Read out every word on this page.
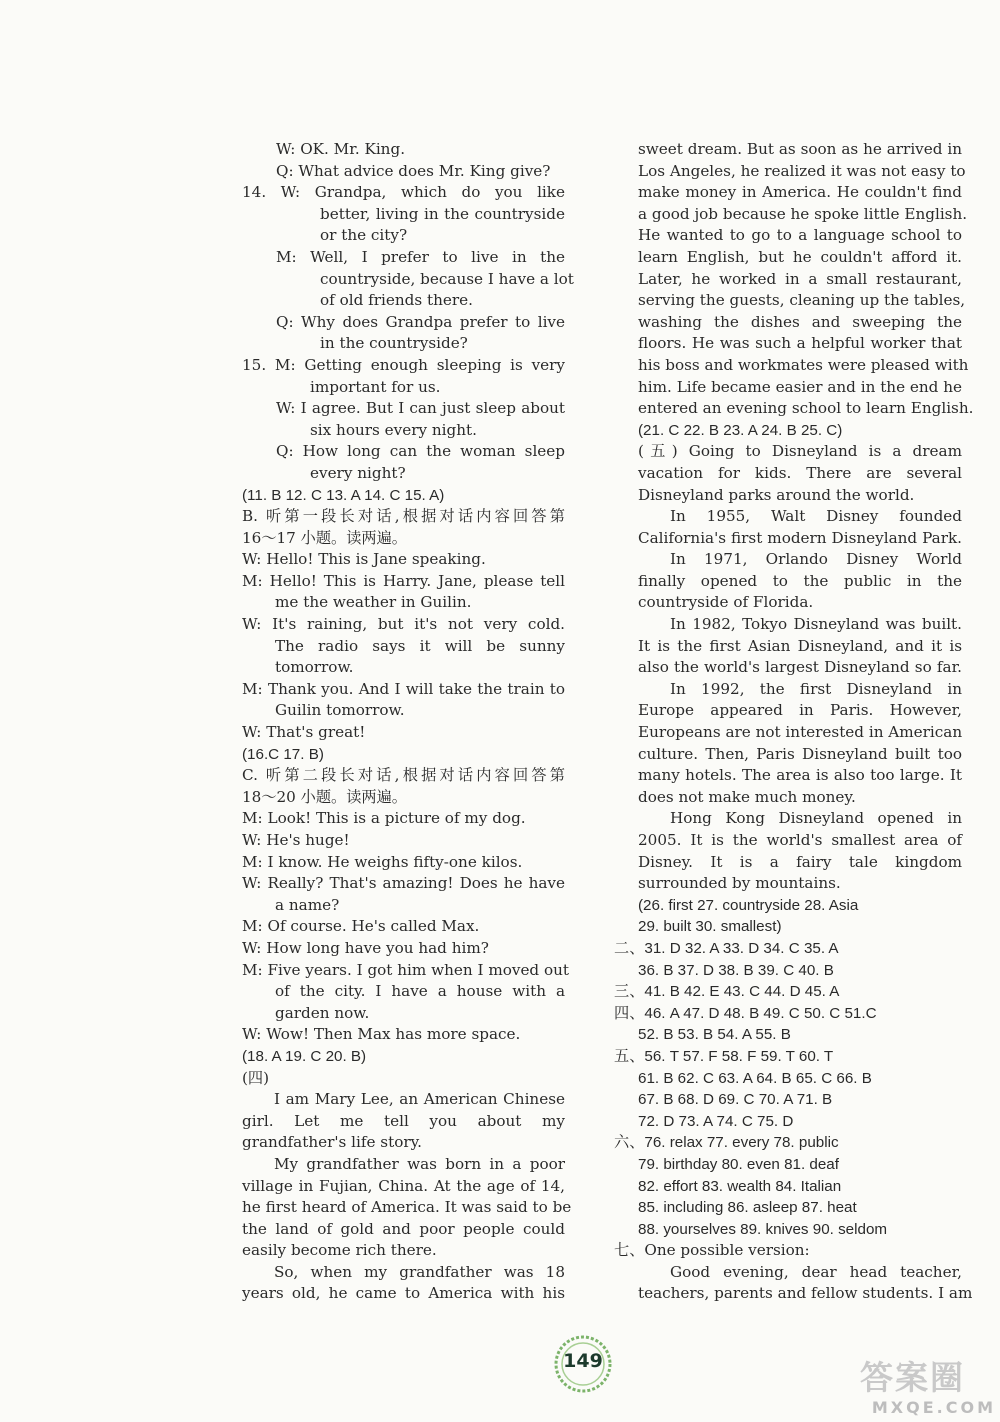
W: OK. Mr. King.
Q: What advice does Mr. King give?
14. W: Grandpa, which do you like
better, living in the countryside
or the city?
M: Well, I prefer to live in the
countryside, because I have a lot
of old friends there.
Q: Why does Grandpa prefer to live
in the countryside?
15. M: Getting enough sleeping is very
important for us.
W: I agree. But I can just sleep about
six hours every night.
Q: How long can the woman sleep
every night?
(11. B 12. C 13. A 14. C 15. A)
B. 听第一段长对话,根据对话内容回答第
16～17 小题。读两遍。
W: Hello! This is Jane speaking.
M: Hello! This is Harry. Jane, please tell
me the weather in Guilin.
W: It's raining, but it's not very cold.
The radio says it will be sunny
tomorrow.
M: Thank you. And I will take the train to
Guilin tomorrow.
W: That's great!
(16.C 17. B)
C. 听第二段长对话,根据对话内容回答第
18～20 小题。读两遍。
M: Look! This is a picture of my dog.
W: He's huge!
M: I know. He weighs fifty-one kilos.
W: Really? That's amazing! Does he have
a name?
M: Of course. He's called Max.
W: How long have you had him?
M: Five years. I got him when I moved out
of the city. I have a house with a
garden now.
W: Wow! Then Max has more space.
(18. A 19. C 20. B)
(四)
I am Mary Lee, an American Chinese
girl. Let me tell you about my
grandfather's life story.
My grandfather was born in a poor
village in Fujian, China. At the age of 14,
he first heard of America. It was said to be
the land of gold and poor people could
easily become rich there.
So, when my grandfather was 18
years old, he came to America with his
sweet dream. But as soon as he arrived in
Los Angeles, he realized it was not easy to
make money in America. He couldn't find
a good job because he spoke little English.
He wanted to go to a language school to
learn English, but he couldn't afford it.
Later, he worked in a small restaurant,
serving the guests, cleaning up the tables,
washing the dishes and sweeping the
floors. He was such a helpful worker that
his boss and workmates were pleased with
him. Life became easier and in the end he
entered an evening school to learn English.
(21. C 22. B 23. A 24. B 25. C)
(五) Going to Disneyland is a dream
vacation for kids. There are several
Disneyland parks around the world.
In 1955, Walt Disney founded
California's first modern Disneyland Park.
In 1971, Orlando Disney World
finally opened to the public in the
countryside of Florida.
In 1982, Tokyo Disneyland was built.
It is the first Asian Disneyland, and it is
also the world's largest Disneyland so far.
In 1992, the first Disneyland in
Europe appeared in Paris. However,
Europeans are not interested in American
culture. Then, Paris Disneyland built too
many hotels. The area is also too large. It
does not make much money.
Hong Kong Disneyland opened in
2005. It is the world's smallest area of
Disney. It is a fairy tale kingdom
surrounded by mountains.
(26. first 27. countryside 28. Asia
29. built 30. smallest)
二、31. D 32. A 33. D 34. C 35. A
36. B 37. D 38. B 39. C 40. B
三、41. B 42. E 43. C 44. D 45. A
四、46. A 47. D 48. B 49. C 50. C 51.C
52. B 53. B 54. A 55. B
五、56. T 57. F 58. F 59. T 60. T
61. B 62. C 63. A 64. B 65. C 66. B
67. B 68. D 69. C 70. A 71. B
72. D 73. A 74. C 75. D
六、76. relax 77. every 78. public
79. birthday 80. even 81. deaf
82. effort 83. wealth 84. Italian
85. including 86. asleep 87. heat
88. yourselves 89. knives 90. seldom
七、One possible version:
Good evening, dear head teacher,
teachers, parents and fellow students. I am
149	答案圈
MXQE.COM
